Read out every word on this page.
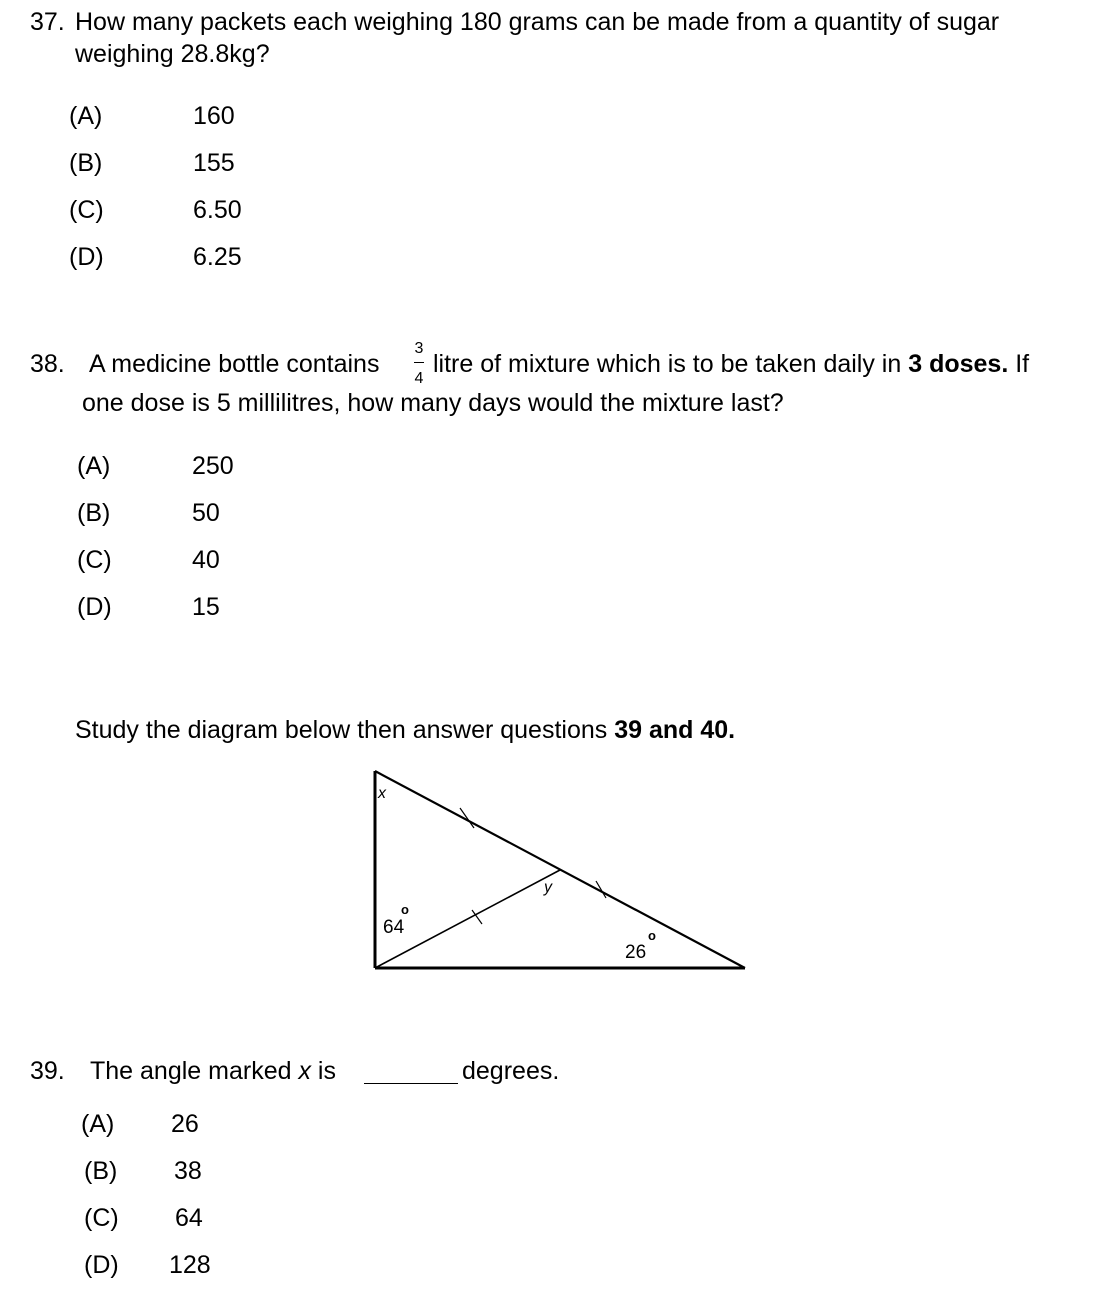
37. How many packets each weighing 180 grams can be made from a quantity of sugar
weighing 28.8kg?
(A)	160
(B)	155
(C)	6.50
(D)	6.25
38. A medicine bottle contains
3
4
litre of mixture which is to be taken daily in 3 doses. If
one dose is 5 millilitres, how many days would the mixture last?
(A)	250
(B)	50
(C)	40
(D)	15
Study the diagram below then answer questions 39 and 40.
x
y
64
o
26
o
39. The angle marked x is	degrees.
(A) 26
(B) 38
(C) 64
(D) 128
